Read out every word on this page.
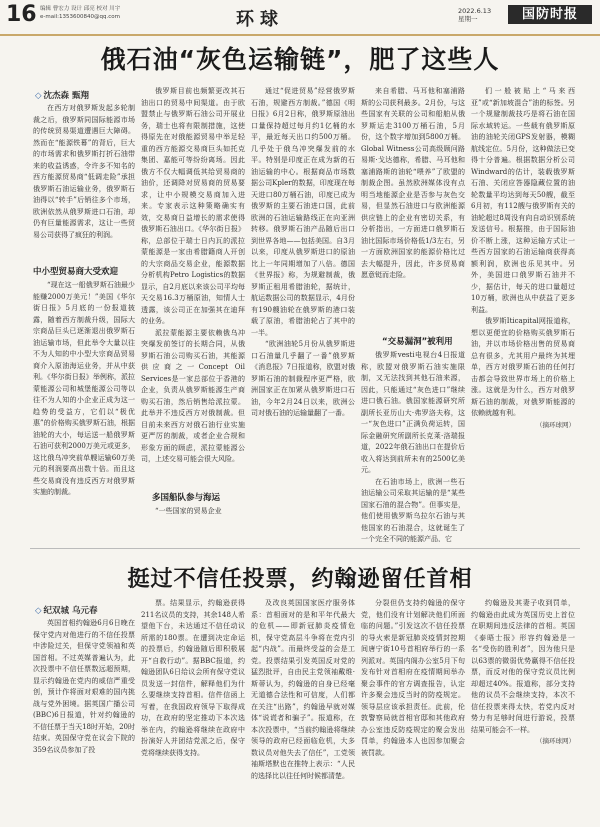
16 编辑 曹宏力 设计 邱亮 校对 川宇
e-mail:1353600840@qq.com	环球	2022.6.13
星期一	国防时报
俄石油“灰色运输链”，肥了这些人
◇ 沈杰森 甄翔

在西方对俄罗斯发起多轮制裁之后，俄罗斯同国际能源市场的传统贸易渠道遭遇巨大障碍。然而在“能源铁幕”的背后，巨大的市场需求和俄罗斯打折石油带来的收益诱惑，令许多不知名的西方能源贸易商“低调走险”承担俄罗斯石油运输业务，俄罗斯石油得以“转手”后销往多个市场，欧洲依然从俄罗斯进口石油，却仍有巨量能源需求，这让一些贸易公司获得了疯狂的利润。

中小型贸易商大受欢迎

“现在这一船俄罗斯石油最少能赚2000万美元！”美国《华尔街日报》5月底的一份报道披露，随着西方制裁升级，国际大宗商品巨头已逐渐退出俄罗斯石油运输市场，但此举令大量以往不为人知的中小型大宗商品贸易商介入原油海运业务，并从中获利。《华尔街日报》举例称，派拉蒙能源公司和城堡能源公司等以往不为人知的小企业正成为这一趋势的受益方，它们以“极优惠”的价格购买俄罗斯石油，根据油轮的大小，每运送一船俄罗斯石油可获利2000万美元或更多，这比俄乌冲突前单艘运输60万美元的利润要高出数十倍。而且这些交易商没有违反西方对俄罗斯实施的制裁。

俄罗斯目前也频繁更改其石油出口的贸易中间渠道。由于欧盟禁止与俄罗斯石油公司开展业务，瑞士也将有限制措施，这使得原先在对俄能源贸易中举足轻重的西方能源交易商巨头如托克集团、嘉能可等纷纷离场。因此俄方不仅大幅调低其给贸易商的油价，还调降对贸易商的贸易要求，让中小规模交易商加入进来。专家表示这种策略确实有效，交易商日益增长的需求使得俄罗斯石油出口。《华尔街日报》称，总部位于瑞士日内瓦的派拉蒙能源是一家由希腊籍商人开创的大宗商品交易企业，能源数据分析机构Petro Logistics的数据显示，自2月底以来该公司平均每天交易16.3万桶原油，知情人士透露，该公司正在加强其在迪拜的业务。

派拉蒙能源主要依赖俄乌冲突爆发前签订的长期合同，从俄罗斯石油公司购买石油，其能源供应商之一Concept Oil Services是一家总部位于香港的企业，负责从俄罗斯能源生产商购买石油，然后销售给派拉蒙。此举并不违反西方对俄制裁。但目前未来西方对俄石油行业实施更严厉的制裁，或者企业合规和形象方面的顾虑，派拉蒙能源公司，上述交易可能会很大风险。

多国船队参与海运

“一些国家的贸易企业

通过“促进贸易”经营俄罗斯石油，规避西方制裁。”德国《明日报》6月2日称，俄罗斯原油出口量保持超过每月约1亿桶的水平，最近每天出口约500万桶。几乎处于俄乌冲突爆发前的水平。特别是印度正在成为新的石油运输的中心。根据商品市场数据公司Kpler的数据，印度现在每天进口80万桶石油，印度已成为俄罗斯的主要石油进口国，此前欧洲的石油运输路线正在向亚洲转移。俄罗斯石油产品随后出口到世界各地——包括美国。自3月以来，印度从俄罗斯进口的原油比上一年同期增加了八倍。德国《世界报》称，为规避制裁，俄罗斯正租用希腊油轮，据统计，航运数据公司的数据显示，4月份有190艘油轮在俄罗斯的港口装载了原油，希腊油轮占了其中的一半。

“欧洲油轮5月份从俄罗斯进口石油量几乎翻了一番”俄罗斯《消息报》7日报道称，欧盟对俄罗斯石油的制裁程序更严格，欧洲国家正在加紧从俄罗斯进口石油，今年2月24日以来，欧洲公司对俄石油的运输量翻了一番。

来自希腊、马耳他和塞浦路斯的公司获利最多。2月份，与这些国家有关联的公司和船舶从俄罗斯运走3100万桶石油，5月份，这个数字增加到5800万桶。Global Witness公司高级顾问路易斯·戈达德称，希腊、马耳他和塞浦路斯的油轮“喂养”了欧盟的制裁企图。虽然欧洲媒体没有点明当地能源企业是否参与灰色交易，但显然石油进口与欧洲能源供应链上的企业有密切关系，有分析指出，一方面进口俄罗斯石油比国际市场价格低1/3左右，另一方面欧洲国家的能源价格比过去大幅提升，因此，许多贸易商愿意铤而走险。

“交易漏洞”被利用

俄罗斯vesti电视台4日报道称，欧盟对俄罗斯石油实施限制，又无法找到其他石油来源，因此，只能通过“灰色进口”继续进口俄石油。俄国家能源研究所副所长亚历山大·弗罗洛夫称，这一“灰色进口”正满负荷运转，国际金融研究所副所长克莱·洛瑞报道，2022年俄石油出口在提价后收入将达到前所未有的2500亿美元。

在石油市场上，欧洲一些石油运输公司采取其运输的是“某些国家石油的混合物”。但事实是，他们使用俄罗斯乌拉尔石油与其他国家的石油混合，这就诞生了一个完全不同的能源产品，它

们一般被贴上“马来西亚”或“新加坡混合”油的标签。另一个规避制裁技巧是将石油在国际水域转运。一些载有俄罗斯原油的油轮关闭GPS发射器，模糊航线定位。5月份，这种做法已变得十分普遍。根据数据分析公司Windward的估计，装载俄罗斯石油、关闭应答器隐藏位置的油轮数量平均达到每天50艘，截至6月初，有112艘与俄罗斯有关的油轮超过8周没有向自动识别系统发送信号。根据推，由于国际油价不断上涨，这种运输方式让一些西方国家的石油运输商获得高额利润，欧洲也乐见其中。另外，美国进口俄罗斯石油并不少，据估计，每天的进口量超过10万桶，欧洲也从中获益了更多利益。

俄罗斯Iticapital网报道称，想以更便宜的价格购买俄罗斯石油，并以市场价格出售的贸易商总有很多，尤其用户最终为其埋单，西方对俄罗斯石油的任何打击都会导致世界市场上的价格上涨。这就是为什么，西方对俄罗斯石油的制裁，对俄罗斯能源的依赖就越有利。

（摘环球网）
挺过不信任投票，约翰逊留任首相
◇ 纪双城 乌元春

英国首相约翰逊6月6日晚在保守党内对他进行的不信任投票中涉险过关，但保守党领袖和英国首相。不过英媒普遍认为，此次投票中不信任票数远超预期，显示约翰逊在党内的威信严重受创，预计作将面对艰难的国内挑战与党外困境。据英国广播公司(BBC)6日报道，针对约翰逊的不信任票于当天18时开始，20时结束。英国保守党在议会下院的359名议员参加了投

票。结果显示，约翰逊获得211名议员的支持，其余148人希望他下台，未达通过不信任动议所需的180票。在遭到决定命运的投票后，约翰逊随后即积极展开“自救行动”。据BBC报道，约翰逊团队6日给议会所有保守党议员发送一封信件，解释他们为什么要继续支持首相。信件信函上写着，在我国政府领导下取得成功，在政府的坚定推动下本次选举在内，约翰逊将继续在政府中扮演好人并团结党派之后，保守党将继续获得支持。

及改良英国国家医疗服务体系：首相面对的是和平年代最大的危机——即新冠肺炎疫情危机，保守党高层斗争将在党内引起“内战”。而最终受益的会是工党。投票结果引发英国反对党的猛烈批评，自由民主党领袖戴维·斯蒂认为，约翰逊的自身已经毫无道德合法性和可信度，人们都在关注“出路”，约翰逊早就对媒体“说谎者和骗子”。报道称，在本次投票中，“当前约翰逊将继续领导的政府已经面临危机，大多数议员对他失去了信任”，工党领袖斯塔默也在推特上表示：“人民的选择比以往任何时候都清楚。

分裂但仍支持约翰逊的保守党，他们没有计划解决他们所面临的问题。”引发这次不信任投票的导火索是新冠肺炎疫情封控期间唐宁街10号首相府举行的一系列派对。英国内阁办公室5月下旬发布针对首相府在疫情期间举办聚会事件的官方调查报告，认定许多聚会违反当时的防疫规定。领导层应该承担责任。此前，伦敦警察局就首相官邸和其他政府办公室违反防疫规定的聚会发出罚单，约翰逊本人也因参加聚会被罚款。

约翰逊及其妻子收到罚单，约翰逊由此成为英国历史上首位在职期间违反法律的首相。英国《泰晤士报》形容约翰逊是一名“受伤的胜利者”，因为他只是以63票的微弱优势赢得不信任投票，而反对他的保守党议员比例却超过40%。报道称，部分支持他的议员不会继续支持，本次不信任投票来得太快，若党内反对势力有足够时间进行游说，投票结果可能会不一样。

（摘环球网）
